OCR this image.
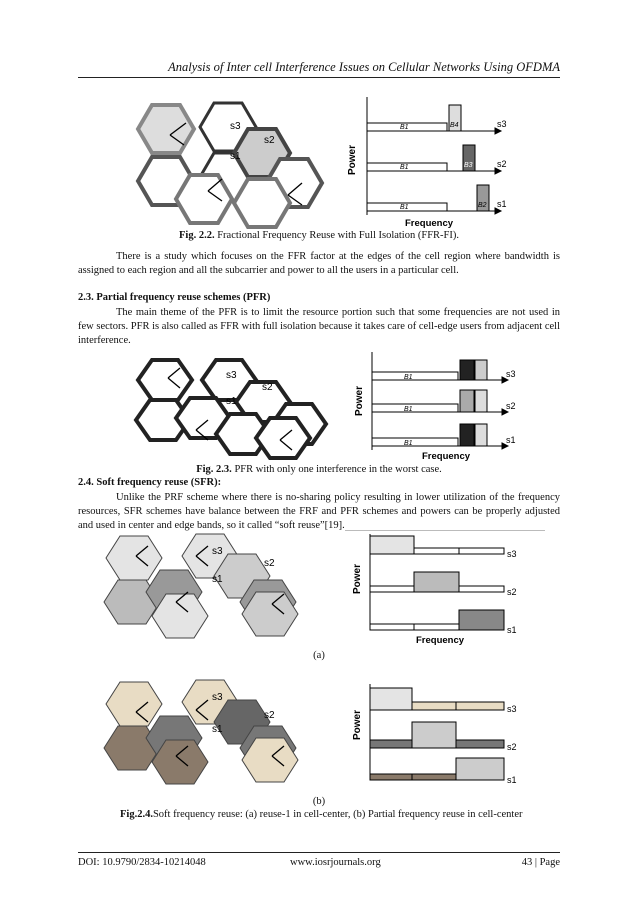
Analysis of Inter cell Interference Issues on Cellular Networks Using OFDMA
s3
s2
s1	Power
Frequency
s3
s2
s1
B1	B4
B1	B3
B1	B2
Fig. 2.2. Fractional Frequency Reuse with Full Isolation (FFR-FI).
There is a study which focuses on the FFR factor at the edges of the cell region where bandwidth is assigned to each region and all the subcarrier and power to all the users in a particular cell.
2.3. Partial frequency reuse schemes (PFR)
The main theme of the PFR is to limit the resource portion such that some frequencies are not used in few sectors. PFR is also called as FFR with full isolation because it takes care of cell-edge users from adjacent cell interference.
s3
s2
s1	Power
Frequency
s3
s2
s1
B1
B1
B1
Fig. 2.3. PFR with only one interference in the worst case.
2.4. Soft frequency reuse (SFR):
Unlike the PRF scheme where there is no-sharing policy resulting in lower utilization of the frequency resources, SFR schemes have balance between the FRF and PFR schemes and powers can be properly adjusted and used in center and edge bands, so it called “soft reuse”[19].
s3
s2
s1	Power
Frequency
s3
s2
s1
(a)
s3
s2
s1	Power
s3
s2
s1
(b)
Fig.2.4.Soft frequency reuse: (a) reuse-1 in cell-center, (b) Partial frequency reuse in cell-center
DOI: 10.9790/2834-10214048	www.iosrjournals.org	43 | Page
